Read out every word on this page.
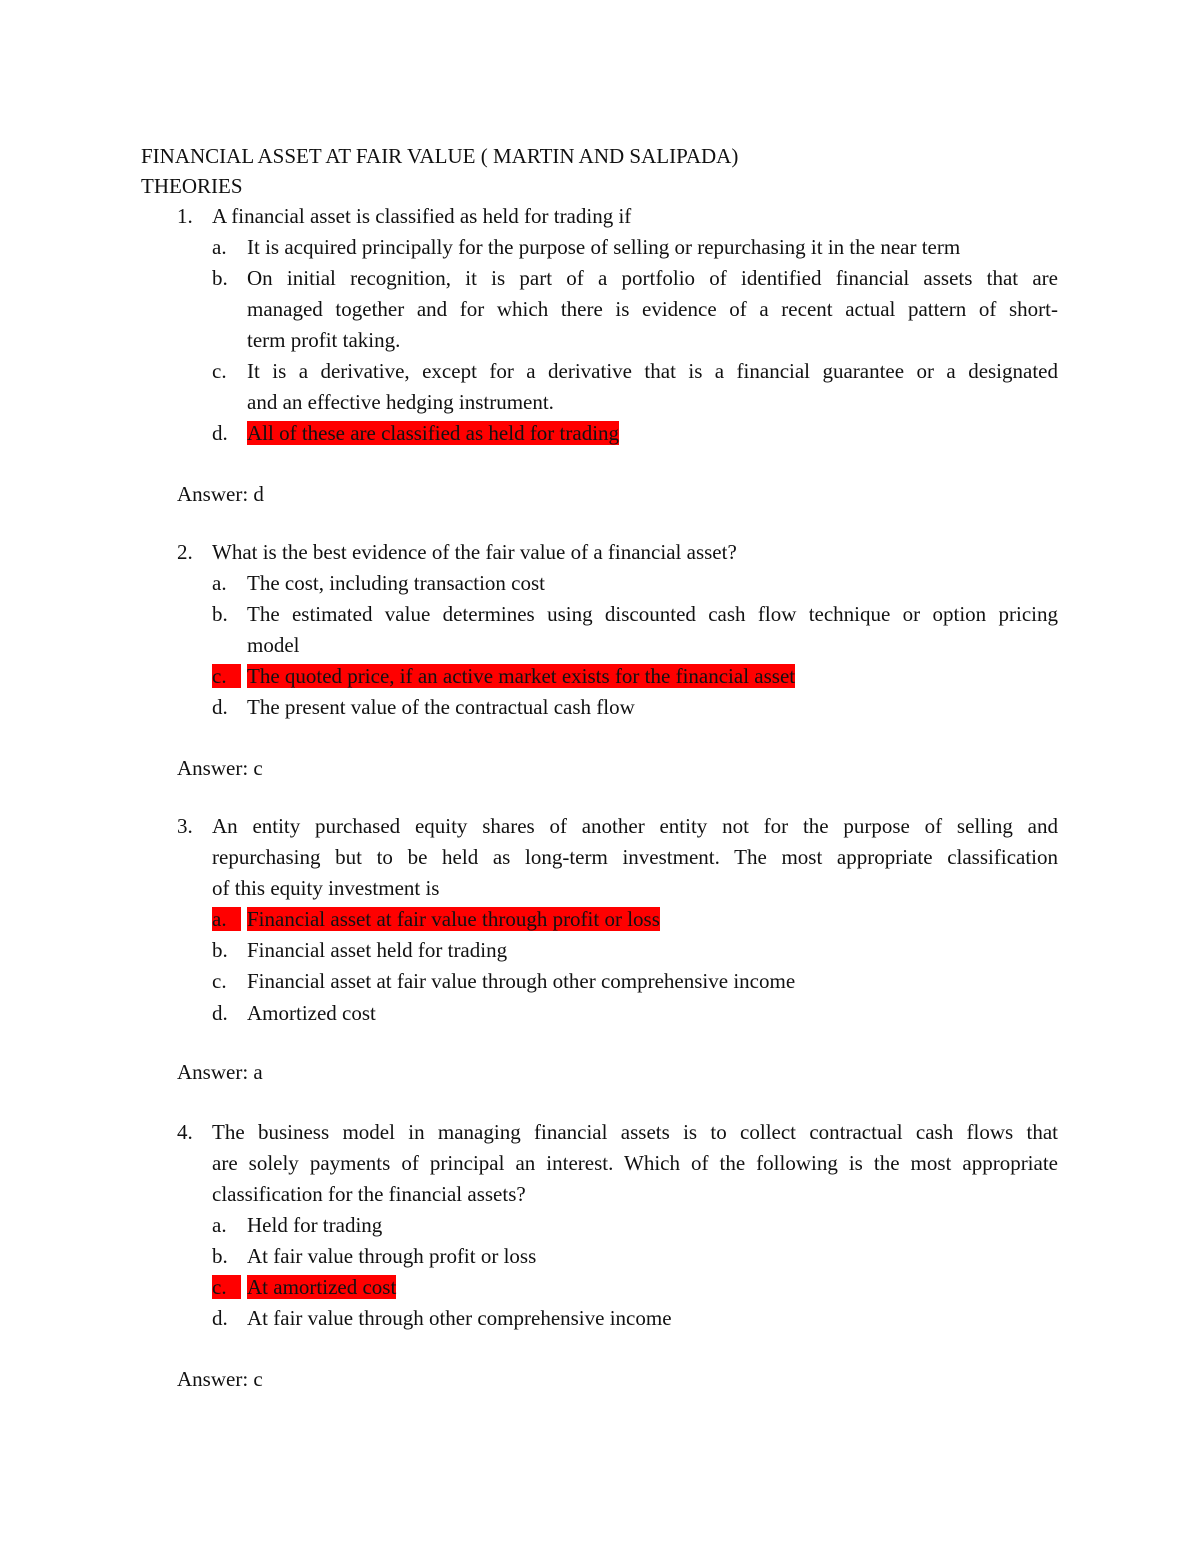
FINANCIAL ASSET AT FAIR VALUE ( MARTIN AND SALIPADA)
THEORIES
1. A financial asset is classified as held for trading if
a. It is acquired principally for the purpose of selling or repurchasing it in the near term
b. On initial recognition, it is part of a portfolio of identified financial assets that are
managed together and for which there is evidence of a recent actual pattern of short-
term profit taking.
c. It is a derivative, except for a derivative that is a financial guarantee or a designated
and an effective hedging instrument.
d. All of these are classified as held for trading
Answer: d
2. What is the best evidence of the fair value of a financial asset?
a. The cost, including transaction cost
b. The estimated value determines using discounted cash flow technique or option pricing
model
c. The quoted price, if an active market exists for the financial asset
d. The present value of the contractual cash flow
Answer: c
3. An entity purchased equity shares of another entity not for the purpose of selling and
repurchasing but to be held as long-term investment. The most appropriate classification
of this equity investment is
a. Financial asset at fair value through profit or loss
b. Financial asset held for trading
c. Financial asset at fair value through other comprehensive income
d. Amortized cost
Answer: a
4. The business model in managing financial assets is to collect contractual cash flows that
are solely payments of principal an interest. Which of the following is the most appropriate
classification for the financial assets?
a. Held for trading
b. At fair value through profit or loss
c. At amortized cost
d. At fair value through other comprehensive income
Answer: c
